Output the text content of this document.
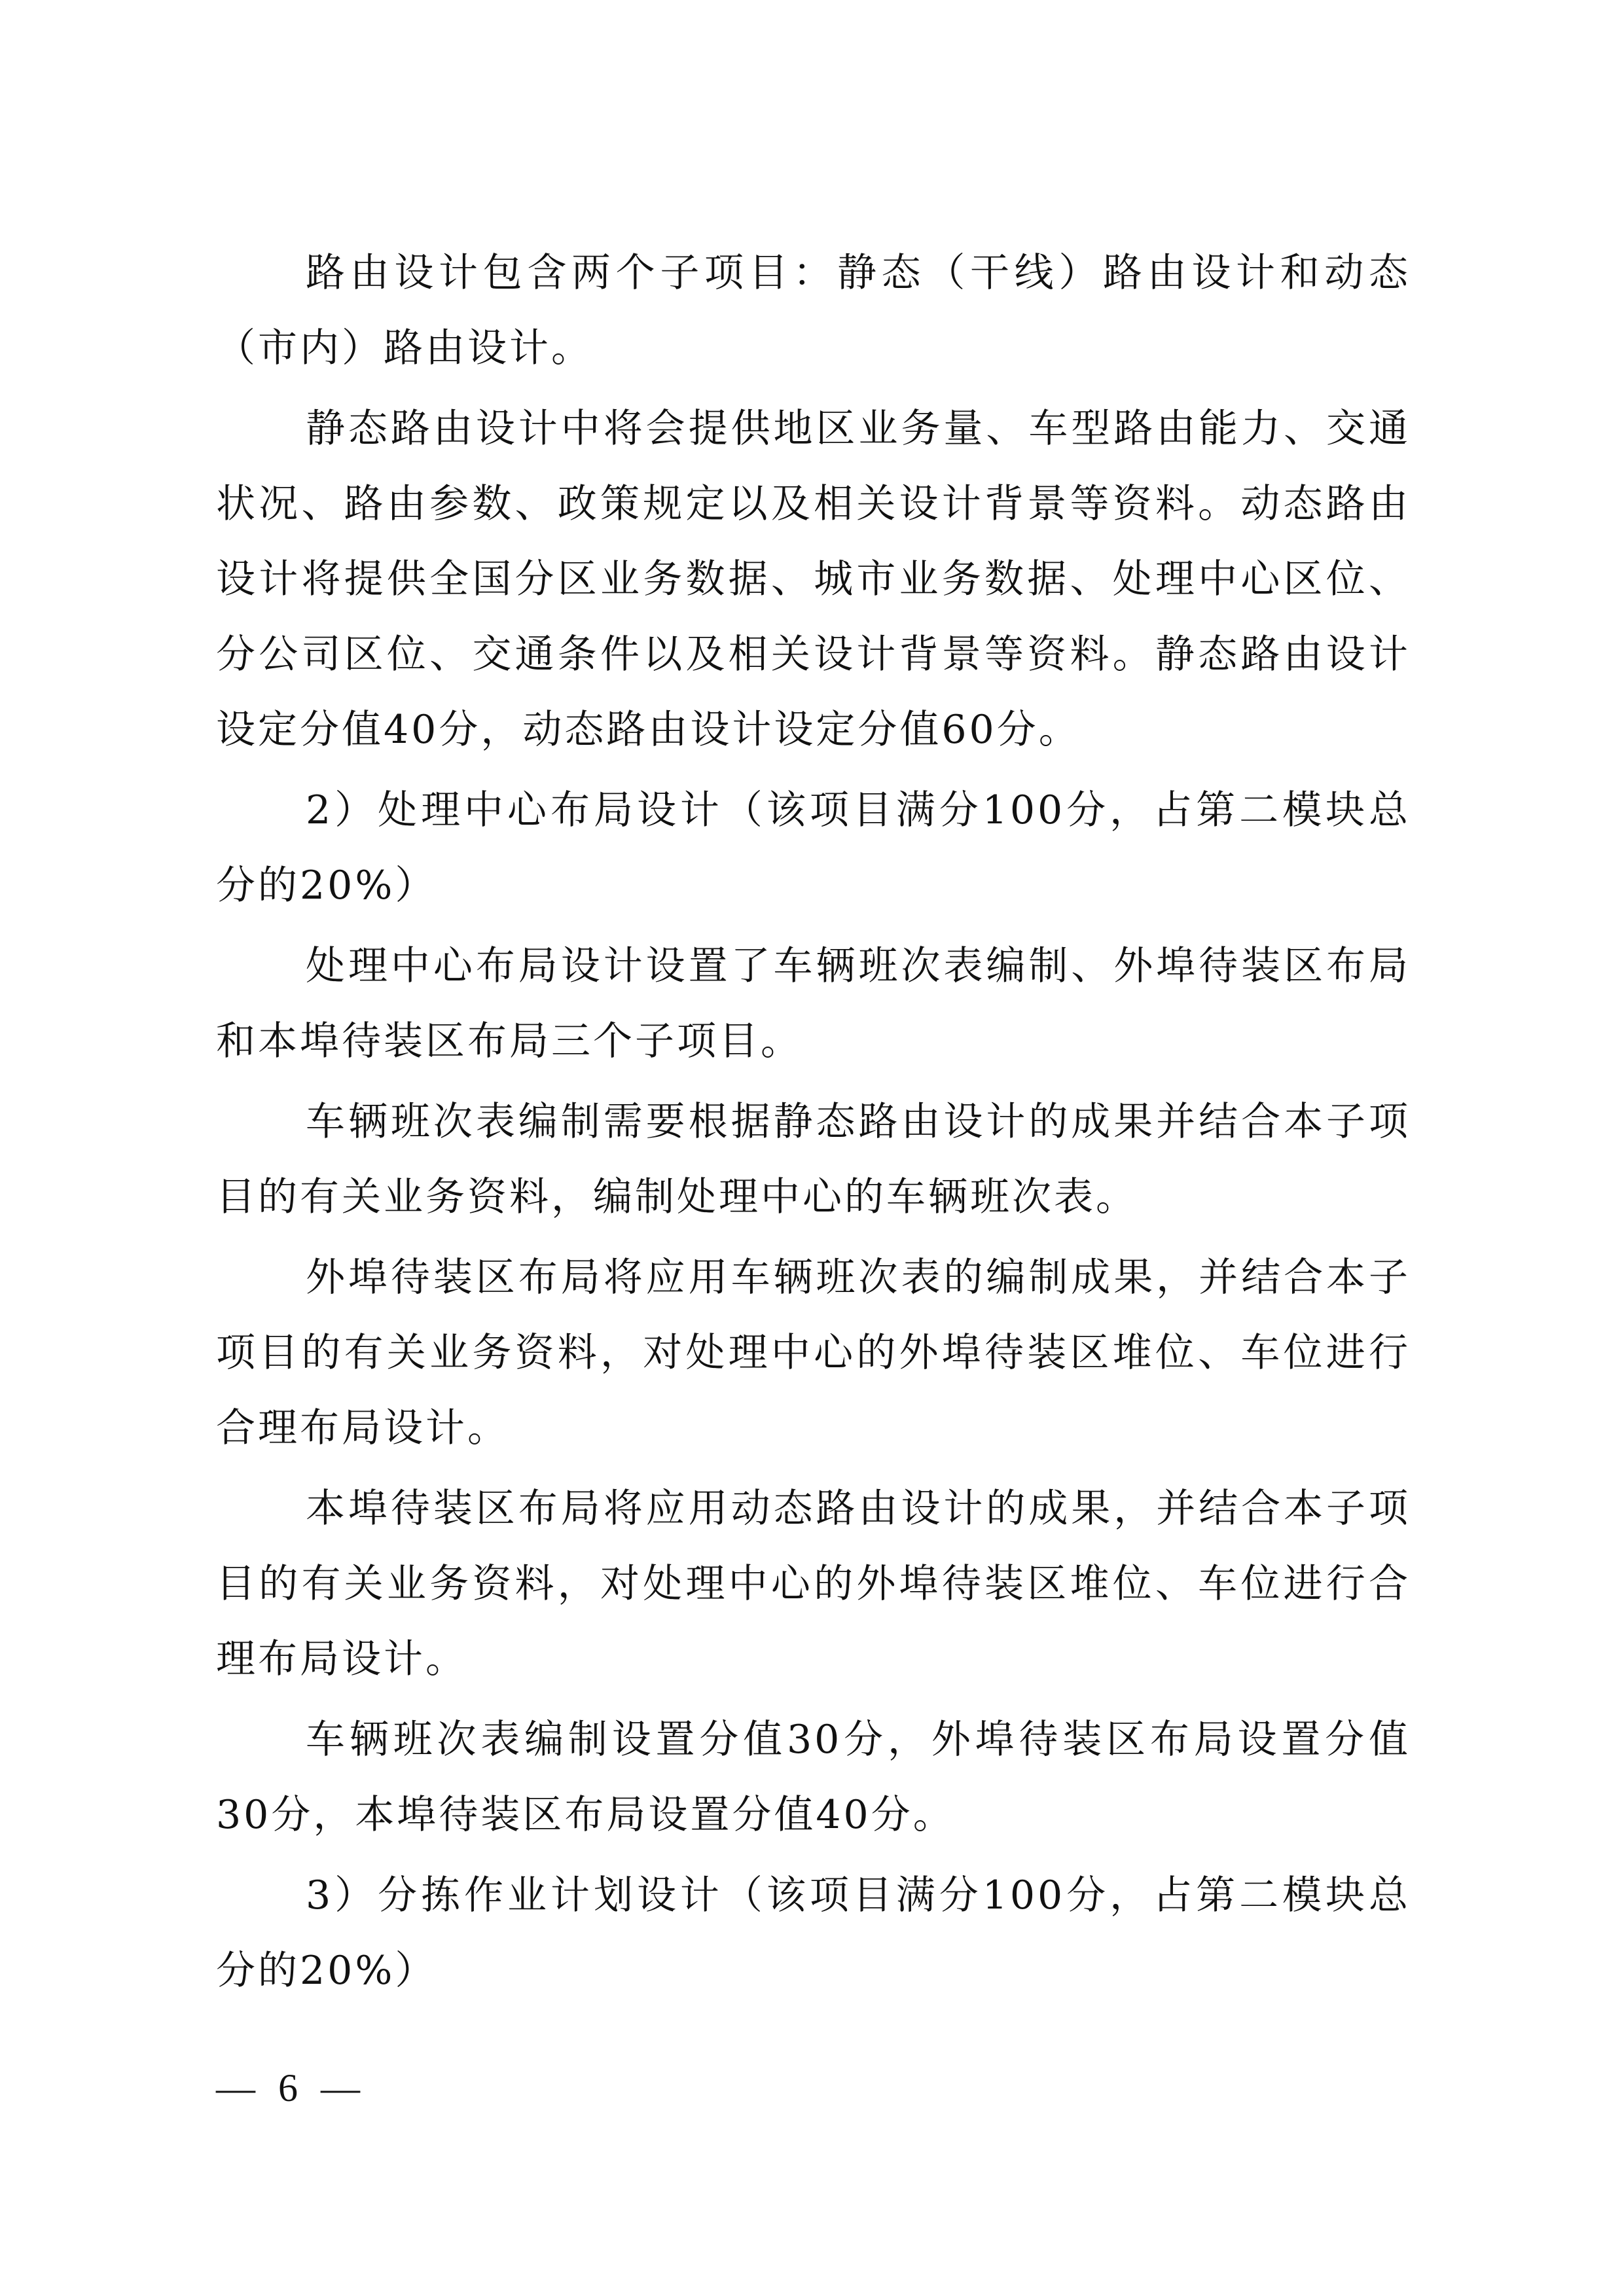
路由设计包含两个子项目：静态（干线）路由设计和动态（市内）路由设计。

静态路由设计中将会提供地区业务量、车型路由能力、交通状况、路由参数、政策规定以及相关设计背景等资料。动态路由设计将提供全国分区业务数据、城市业务数据、处理中心区位、分公司区位、交通条件以及相关设计背景等资料。静态路由设计设定分值40分，动态路由设计设定分值60分。

2）处理中心布局设计（该项目满分100分，占第二模块总分的20%）

处理中心布局设计设置了车辆班次表编制、外埠待装区布局和本埠待装区布局三个子项目。

车辆班次表编制需要根据静态路由设计的成果并结合本子项目的有关业务资料，编制处理中心的车辆班次表。

外埠待装区布局将应用车辆班次表的编制成果，并结合本子项目的有关业务资料，对处理中心的外埠待装区堆位、车位进行合理布局设计。

本埠待装区布局将应用动态路由设计的成果，并结合本子项目的有关业务资料，对处理中心的外埠待装区堆位、车位进行合理布局设计。

车辆班次表编制设置分值30分，外埠待装区布局设置分值30分，本埠待装区布局设置分值40分。

3）分拣作业计划设计（该项目满分100分，占第二模块总分的20%）

— 6 —
